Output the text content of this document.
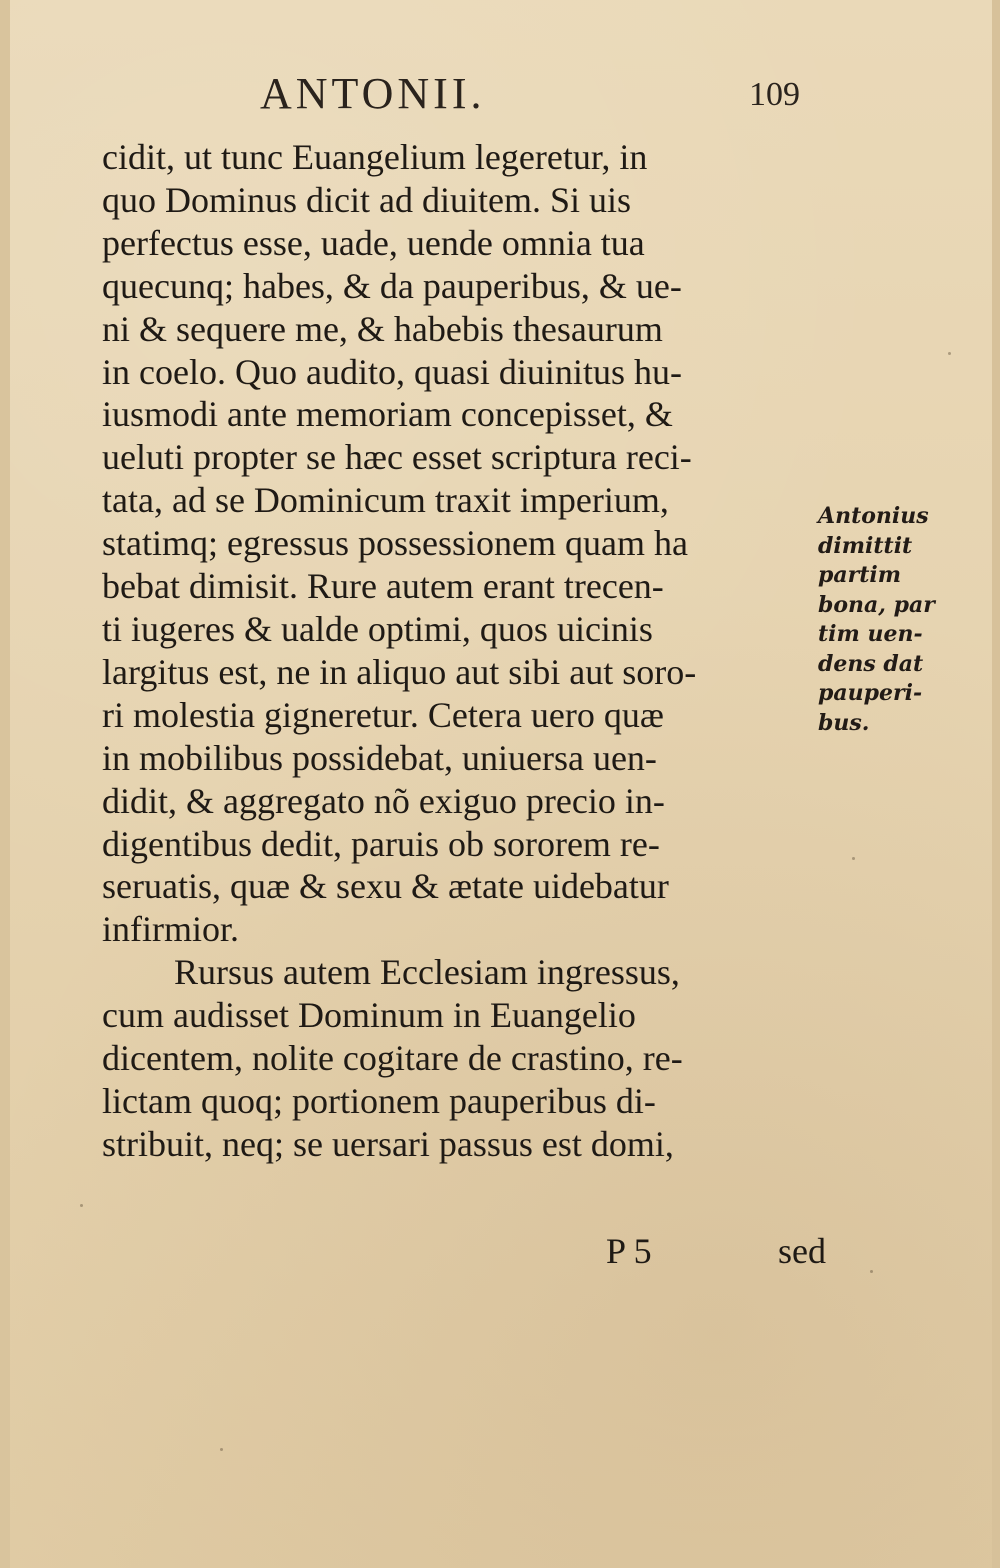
ANTONII.	109
cidit, ut tunc Euangelium legeretur, in
quo Dominus dicit ad diuitem. Si uis
perfectus esse, uade, uende omnia tua
quecunq; habes, & da pauperibus, & ue-
ni & sequere me, & habebis thesaurum
in coelo. Quo audito, quasi diuinitus hu-
iusmodi ante memoriam concepisset, &
ueluti propter se hæc esset scriptura reci-
tata, ad se Dominicum traxit imperium,
statimq; egressus possessionem quam ha
bebat dimisit. Rure autem erant trecen-
ti iugeres & ualde optimi, quos uicinis
largitus est, ne in aliquo aut sibi aut soro-
ri molestia gigneretur. Cetera uero quæ
in mobilibus possidebat, uniuersa uen-
didit, & aggregato nõ exiguo precio in-
digentibus dedit, paruis ob sororem re-
seruatis, quæ & sexu & ætate uidebatur
infirmior.
Rursus autem Ecclesiam ingressus,
cum audisset Dominum in Euangelio
dicentem, nolite cogitare de crastino, re-
lictam quoq; portionem pauperibus di-
stribuit, neq; se uersari passus est domi,
P 5	sed
Antonius
dimittit
partim
bona, par
tim uen-
dens dat
pauperi-
bus.
